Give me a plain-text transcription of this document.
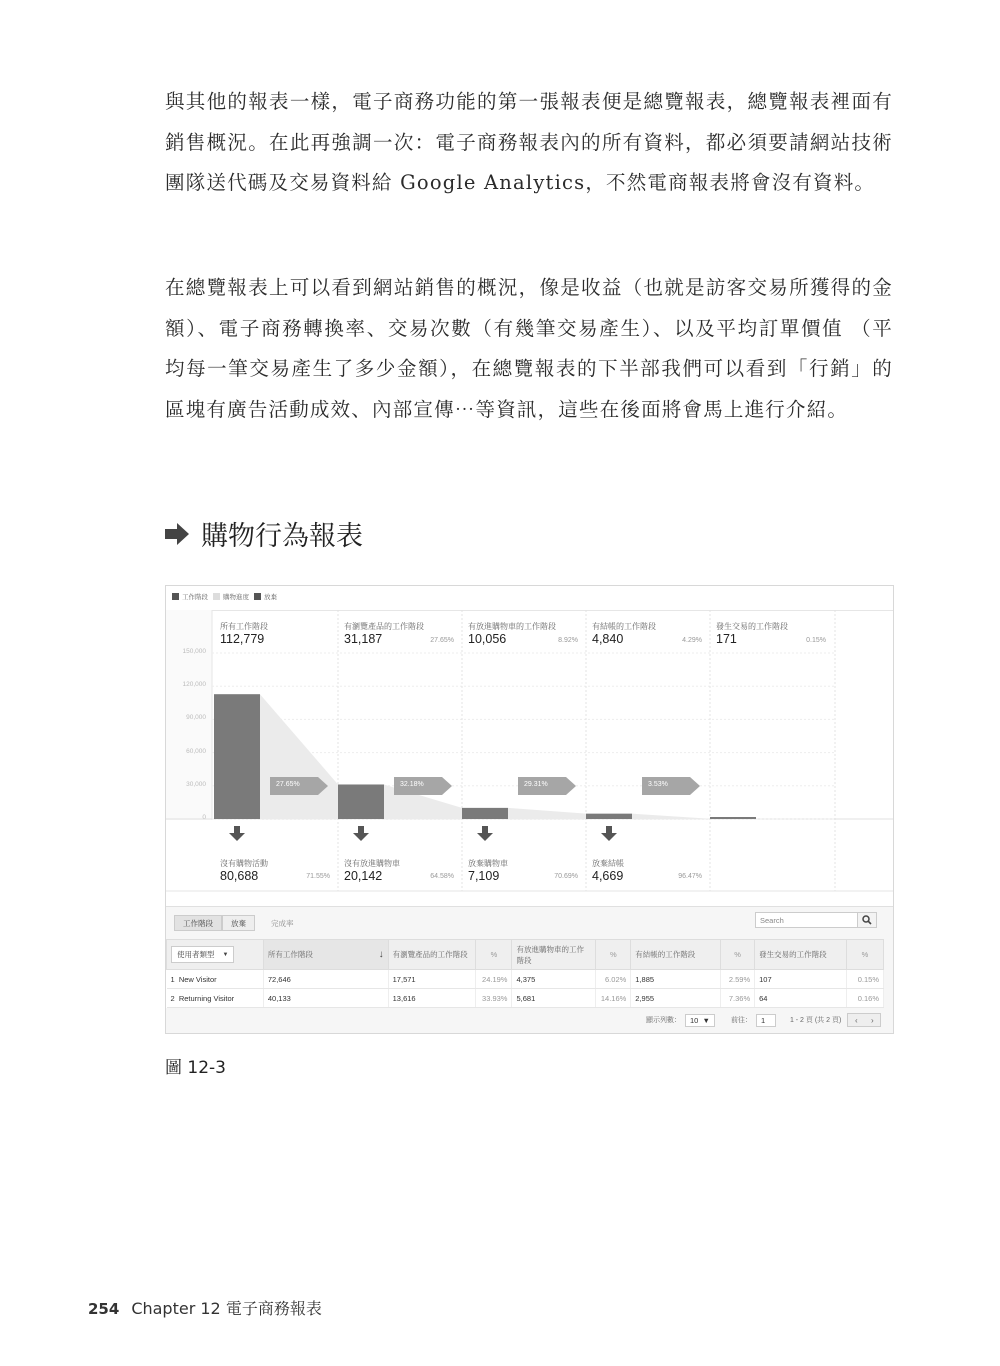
與其他的報表一樣，電子商務功能的第一張報表便是總覽報表，總覽報表裡面有銷售概況。在此再強調一次：電子商務報表內的所有資料，都必須要請網站技術團隊送代碼及交易資料給 Google Analytics，不然電商報表將會沒有資料。

在總覽報表上可以看到網站銷售的概況，像是收益（也就是訪客交易所獲得的金額）、電子商務轉換率、交易次數（有幾筆交易產生）、以及平均訂單價值 （平均每一筆交易產生了多少金額），在總覽報表的下半部我們可以看到「行銷」的區塊有廣告活動成效、內部宣傳⋯等資訊，這些在後面將會馬上進行介紹。

購物行為報表
工作階段 購物進度 放棄
150,000
120,000
90,000
60,000
30,000
0
27.65%	32.18%	29.31%	3.53%
所有工作階段
112,779
有瀏覽產品的工作階段
31,187	27.65%
有放進購物車的工作階段
10,056	8.92%
有結帳的工作階段
4,840	4.29%
發生交易的工作階段
171	0.15%
沒有購物活動
80,688	71.55%
沒有放進購物車
20,142	64.58%
放棄購物車
7,109	70.69%
放棄結帳
4,669	96.47%
工作階段	放棄	完成率	Search
使用者類型 ▼	所有工作階段 ↓	有瀏覽產品的工作階段	%	有放進購物車的工作階段	%	有結帳的工作階段	%	發生交易的工作階段	%
1 New Visitor	72,646	17,571	24.19%	4,375	6.02%	1,885	2.59%	107	0.15%
2 Returning Visitor	40,133	13,616	33.93%	5,681	14.16%	2,955	7.36%	64	0.16%
顯示列數：	10  ▼	前往：	1	1 - 2 頁 (共 2 頁) ‹ ›
圖 12-3
254 Chapter 12 電子商務報表
